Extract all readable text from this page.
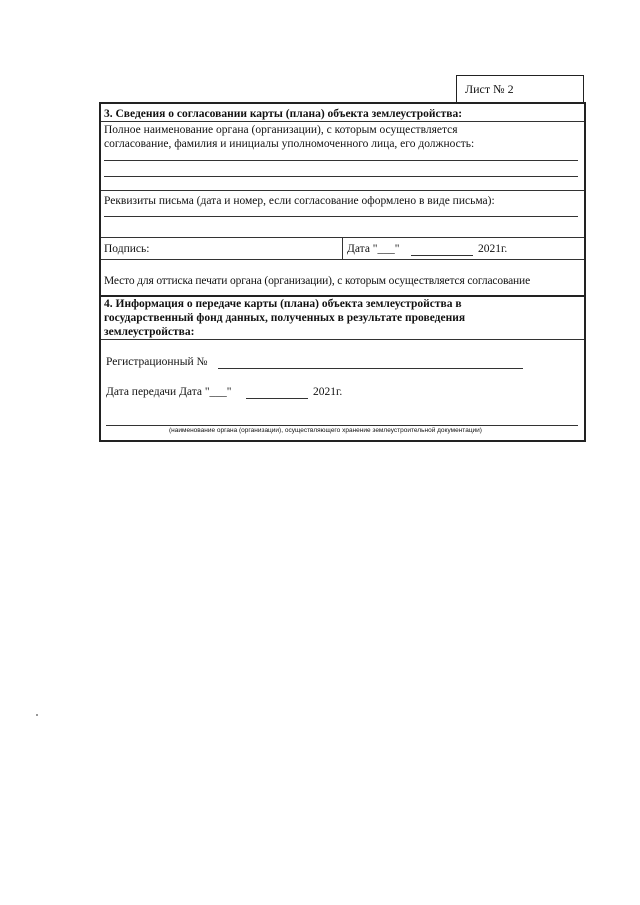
Лист № 2
3. Сведения о согласовании карты (плана) объекта землеустройства:
Полное наименование органа (организации), с которым осуществляется
согласование, фамилия и инициалы уполномоченного лица, его должность:
Реквизиты письма (дата и номер, если согласование оформлено в виде письма):
Подпись:	Дата "___"	2021г.
Место для оттиска печати органа (организации), с которым осуществляется согласование
4. Информация о передаче карты (плана) объекта землеустройства в
государственный фонд данных, полученных в результате проведения
землеустройства:
Регистрационный №
Дата передачи Дата "___"	2021г.
(наименование органа (организации), осуществляющего хранение землеустроительной документации)
